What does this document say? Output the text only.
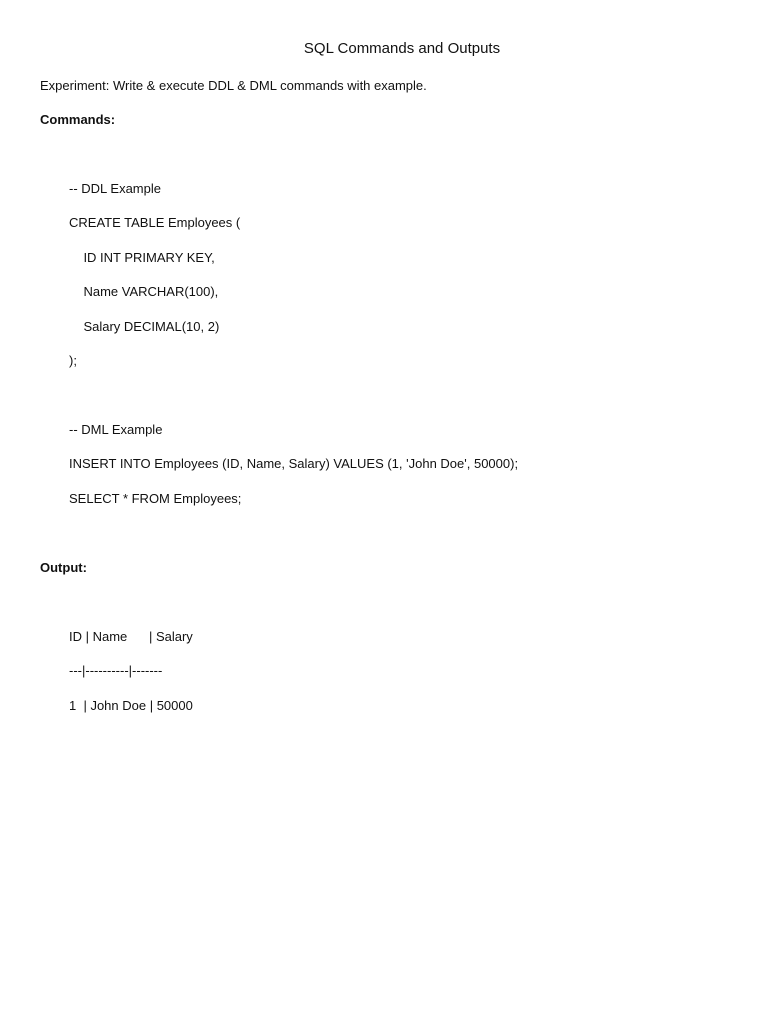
SQL Commands and Outputs
Experiment: Write & execute DDL & DML commands with example.
Commands:
-- DDL Example
CREATE TABLE Employees (
ID INT PRIMARY KEY,
Name VARCHAR(100),
Salary DECIMAL(10, 2)
);
-- DML Example
INSERT INTO Employees (ID, Name, Salary) VALUES (1, 'John Doe', 50000);
SELECT * FROM Employees;
Output:
ID | Name      | Salary
---|----------|-------
1  | John Doe | 50000
